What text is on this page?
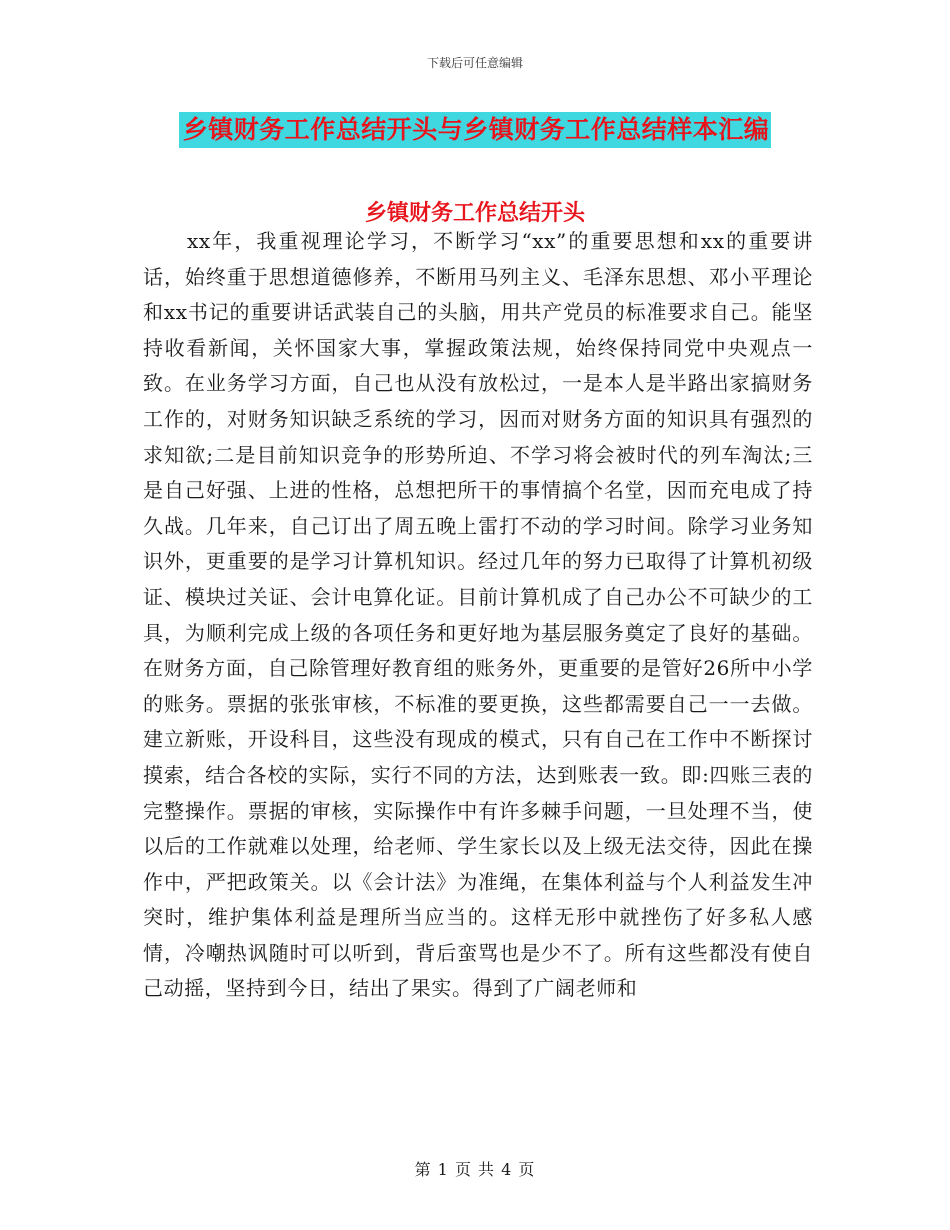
下载后可任意编辑
乡镇财务工作总结开头与乡镇财务工作总结样本汇编
乡镇财务工作总结开头
xx年，我重视理论学习，不断学习“xx”的重要思想和xx的重要讲话，始终重于思想道德修养，不断用马列主义、毛泽东思想、邓小平理论和xx书记的重要讲话武装自己的头脑，用共产党员的标准要求自己。能坚持收看新闻，关怀国家大事，掌握政策法规，始终保持同党中央观点一致。在业务学习方面，自己也从没有放松过，一是本人是半路出家搞财务工作的，对财务知识缺乏系统的学习，因而对财务方面的知识具有强烈的求知欲;二是目前知识竞争的形势所迫、不学习将会被时代的列车淘汰;三是自己好强、上进的性格，总想把所干的事情搞个名堂，因而充电成了持久战。几年来，自己订出了周五晚上雷打不动的学习时间。除学习业务知识外，更重要的是学习计算机知识。经过几年的努力已取得了计算机初级证、模块过关证、会计电算化证。目前计算机成了自己办公不可缺少的工具，为顺利完成上级的各项任务和更好地为基层服务奠定了良好的基础。在财务方面，自己除管理好教育组的账务外，更重要的是管好26所中小学的账务。票据的张张审核，不标准的要更换，这些都需要自己一一去做。建立新账，开设科目，这些没有现成的模式，只有自己在工作中不断探讨摸索，结合各校的实际，实行不同的方法，达到账表一致。即:四账三表的完整操作。票据的审核，实际操作中有许多棘手问题，一旦处理不当，使以后的工作就难以处理，给老师、学生家长以及上级无法交待，因此在操作中，严把政策关。以《会计法》为准绳，在集体利益与个人利益发生冲突时，维护集体利益是理所当应当的。这样无形中就挫伤了好多私人感情，冷嘲热讽随时可以听到，背后蛮骂也是少不了。所有这些都没有使自己动摇，坚持到今日，结出了果实。得到了广阔老师和
第 1 页 共 4 页
